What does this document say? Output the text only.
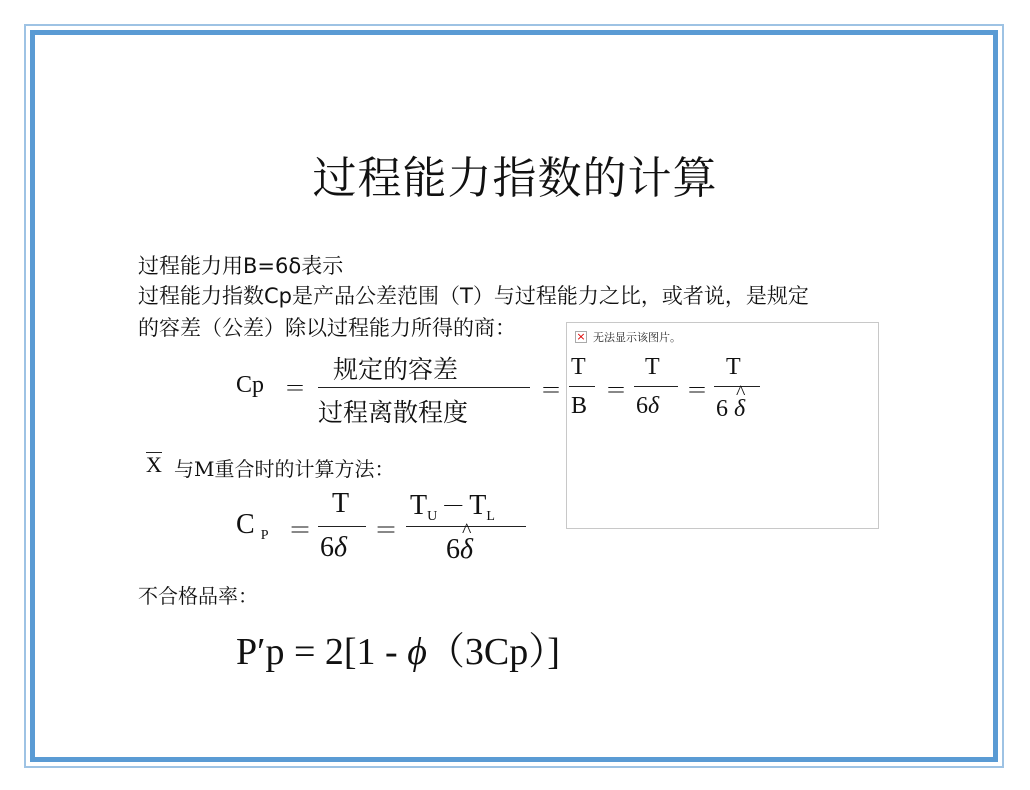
过程能力指数的计算
过程能力用B=6δ表示
过程能力指数Cp是产品公差范围（T）与过程能力之比，或者说，是规定
的容差（公差）除以过程能力所得的商：	× 无法显示该图片。
Cp ＝
规定的容差
过程离散程度
＝
T
B
＝
T
6δ
＝
T
6 ^ δ
X 与M重合时的计算方法：
C $_P$ ＝
T
6δ
＝
$T_U - T_L$
6^ δ
不合格品率：
P′p = 2[1 - ϕ（3Cp）]
